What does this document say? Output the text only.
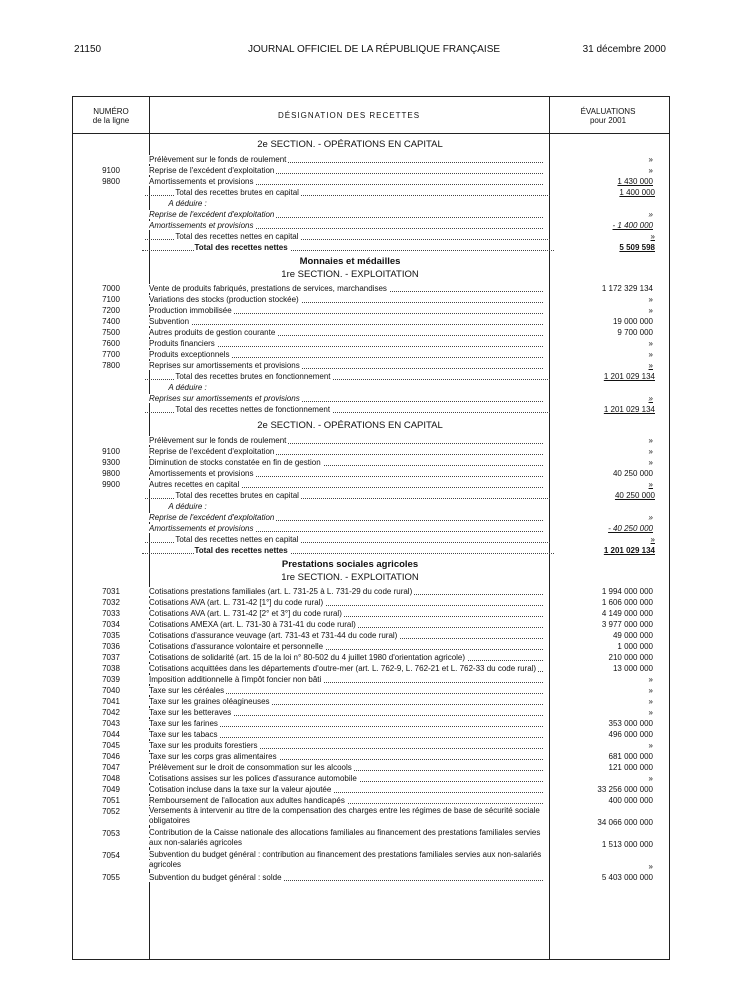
21150	JOURNAL OFFICIEL DE LA RÉPUBLIQUE FRANÇAISE	31 décembre 2000
NUMÉRO
de la ligne
DÉSIGNATION DES RECETTES	ÉVALUATIONS
pour 2001
2e SECTION. - OPÉRATIONS EN CAPITAL
Prélèvement sur le fonds de roulement	»
9100	Reprise de l'excédent d'exploitation	»
9800	Amortissements et provisions	1 430 000
Total des recettes brutes en capital	1 400 000
A déduire :
Reprise de l'excédent d'exploitation	»
Amortissements et provisions	- 1 400 000
Total des recettes nettes en capital	»
Total des recettes nettes	5 509 598
Monnaies et médailles
1re SECTION. - EXPLOITATION
7000	Vente de produits fabriqués, prestations de services, marchandises	1 172 329 134
7100	Variations des stocks (production stockée)	»
7200	Production immobilisée	»
7400	Subvention	19 000 000
7500	Autres produits de gestion courante	9 700 000
7600	Produits financiers	»
7700	Produits exceptionnels	»
7800	Reprises sur amortissements et provisions	»
Total des recettes brutes en fonctionnement	1 201 029 134
A déduire :
Reprises sur amortissements et provisions	»
Total des recettes nettes de fonctionnement	1 201 029 134
2e SECTION. - OPÉRATIONS EN CAPITAL
Prélèvement sur le fonds de roulement	»
9100	Reprise de l'excédent d'exploitation	»
9300	Diminution de stocks constatée en fin de gestion	»
9800	Amortissements et provisions	40 250 000
9900	Autres recettes en capital	»
Total des recettes brutes en capital	40 250 000
A déduire :
Reprise de l'excédent d'exploitation	»
Amortissements et provisions	- 40 250 000
Total des recettes nettes en capital	»
Total des recettes nettes	1 201 029 134
Prestations sociales agricoles
1re SECTION. - EXPLOITATION
7031	Cotisations prestations familiales (art. L. 731-25 à L. 731-29 du code rural)	1 994 000 000
7032	Cotisations AVA (art. L. 731-42 [1°] du code rural)	1 606 000 000
7033	Cotisations AVA (art. L. 731-42 [2° et 3°] du code rural)	4 149 000 000
7034	Cotisations AMEXA (art. L. 731-30 à 731-41 du code rural)	3 977 000 000
7035	Cotisations d'assurance veuvage (art. 731-43 et 731-44 du code rural)	49 000 000
7036	Cotisations d'assurance volontaire et personnelle	1 000 000
7037	Cotisations de solidarité (art. 15 de la loi n° 80-502 du 4 juillet 1980 d'orientation agricole)	210 000 000
7038	Cotisations acquittées dans les départements d'outre-mer (art. L. 762-9, L. 762-21 et L. 762-33 du code rural)	13 000 000
7039	Imposition additionnelle à l'impôt foncier non bâti	»
7040	Taxe sur les céréales	»
7041	Taxe sur les graines oléagineuses	»
7042	Taxe sur les betteraves	»
7043	Taxe sur les farines	353 000 000
7044	Taxe sur les tabacs	496 000 000
7045	Taxe sur les produits forestiers	»
7046	Taxe sur les corps gras alimentaires	681 000 000
7047	Prélèvement sur le droit de consommation sur les alcools	121 000 000
7048	Cotisations assises sur les polices d'assurance automobile	»
7049	Cotisation incluse dans la taxe sur la valeur ajoutée	33 256 000 000
7051	Remboursement de l'allocation aux adultes handicapés	400 000 000
7052	Versements à intervenir au titre de la compensation des charges entre les régimes de base de sécurité sociale obligatoires	34 066 000 000
7053	Contribution de la Caisse nationale des allocations familiales au financement des prestations familiales servies aux non-salariés agricoles	1 513 000 000
7054	Subvention du budget général : contribution au financement des prestations familiales servies aux non-salariés agricoles	»
7055	Subvention du budget général : solde	5 403 000 000
